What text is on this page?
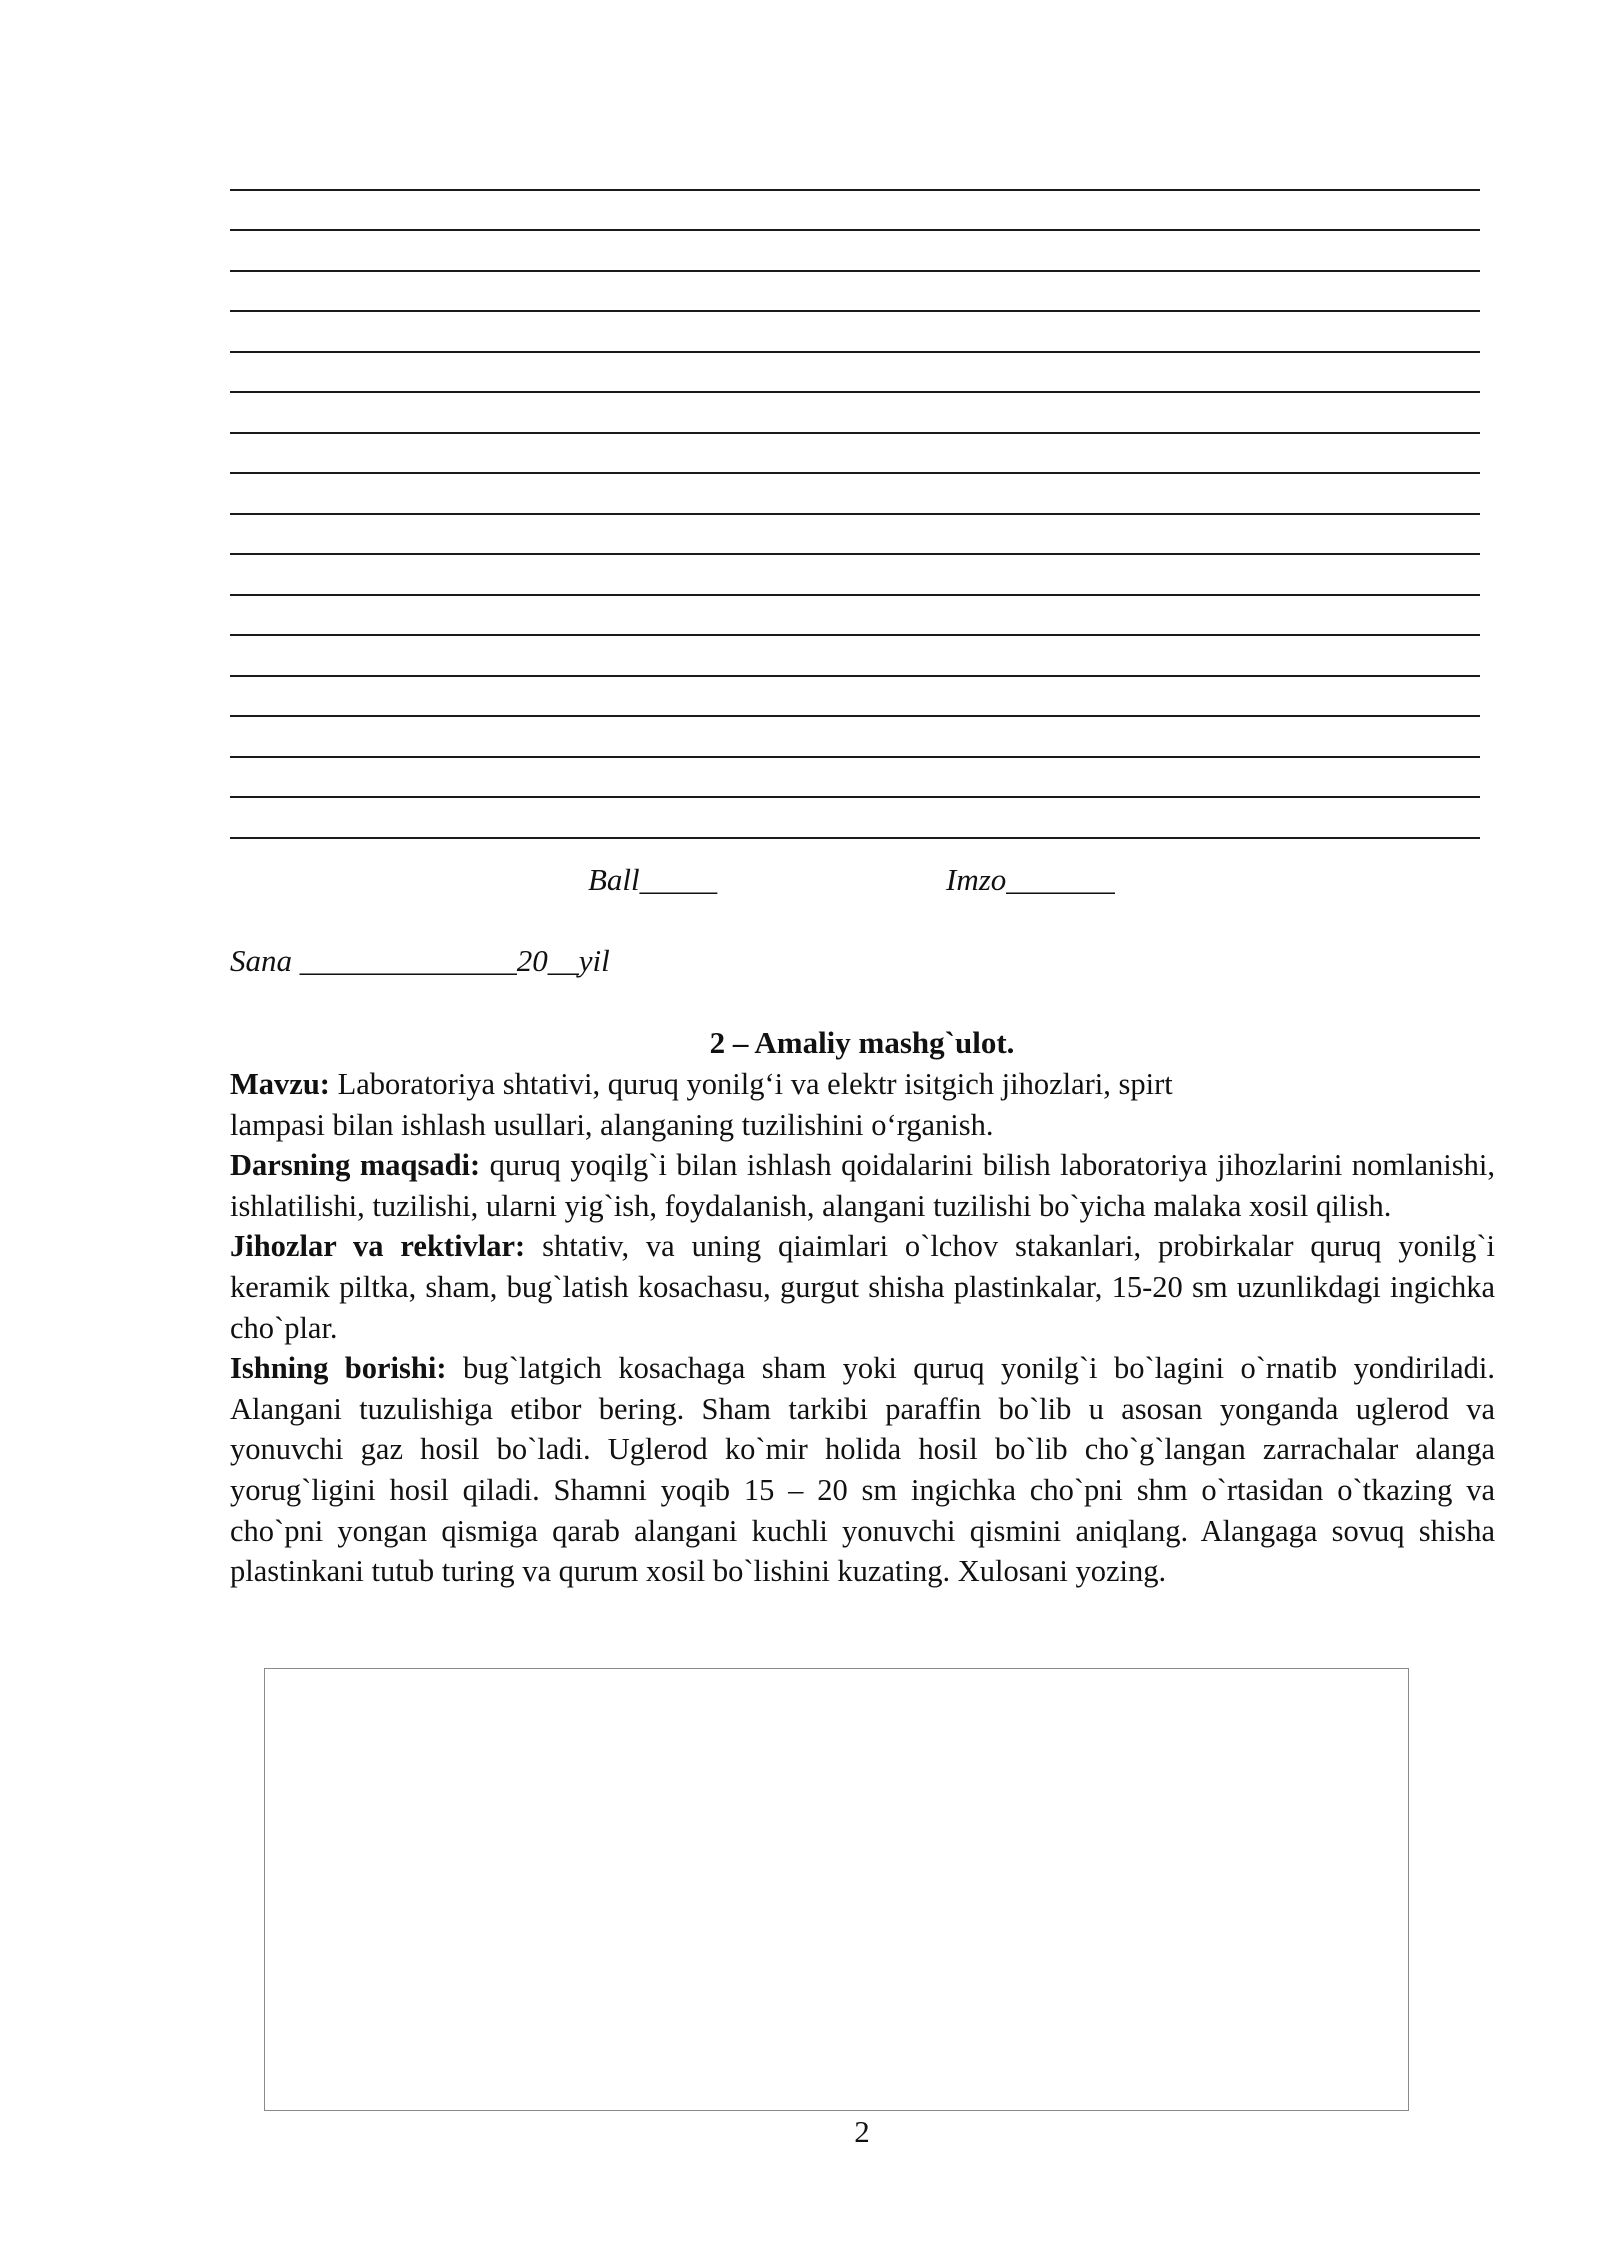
Ball_____	Imzo_______
Sana ______________20__yil
2 – Amaliy mashg`ulot.

Mavzu: Laboratoriya shtativi, quruq yonilg‘i va elektr isitgich jihozlari, spirt
lampasi bilan ishlash usullari, alanganing tuzilishini o‘rganish.

Darsning maqsadi: quruq yoqilg`i bilan ishlash qoidalarini bilish laboratoriya jihozlarini nomlanishi, ishlatilishi, tuzilishi, ularni yig`ish, foydalanish, alangani tuzilishi bo`yicha malaka xosil qilish.

Jihozlar va rektivlar: shtativ, va uning qiaimlari o`lchov stakanlari, probirkalar quruq yonilg`i keramik piltka, sham, bug`latish kosachasu, gurgut shisha plastinkalar, 15-20 sm uzunlikdagi ingichka cho`plar.

Ishning borishi: bug`latgich kosachaga sham yoki quruq yonilg`i bo`lagini o`rnatib yondiriladi. Alangani tuzulishiga etibor bering. Sham tarkibi paraffin bo`lib u asosan yonganda uglerod va yonuvchi gaz hosil bo`ladi. Uglerod ko`mir holida hosil bo`lib cho`g`langan zarrachalar alanga yorug`ligini hosil qiladi. Shamni yoqib 15 – 20 sm ingichka cho`pni shm o`rtasidan o`tkazing va cho`pni yongan qismiga qarab alangani kuchli yonuvchi qismini aniqlang. Alangaga sovuq shisha plastinkani tutub turing va qurum xosil bo`lishini kuzating. Xulosani yozing.

2
